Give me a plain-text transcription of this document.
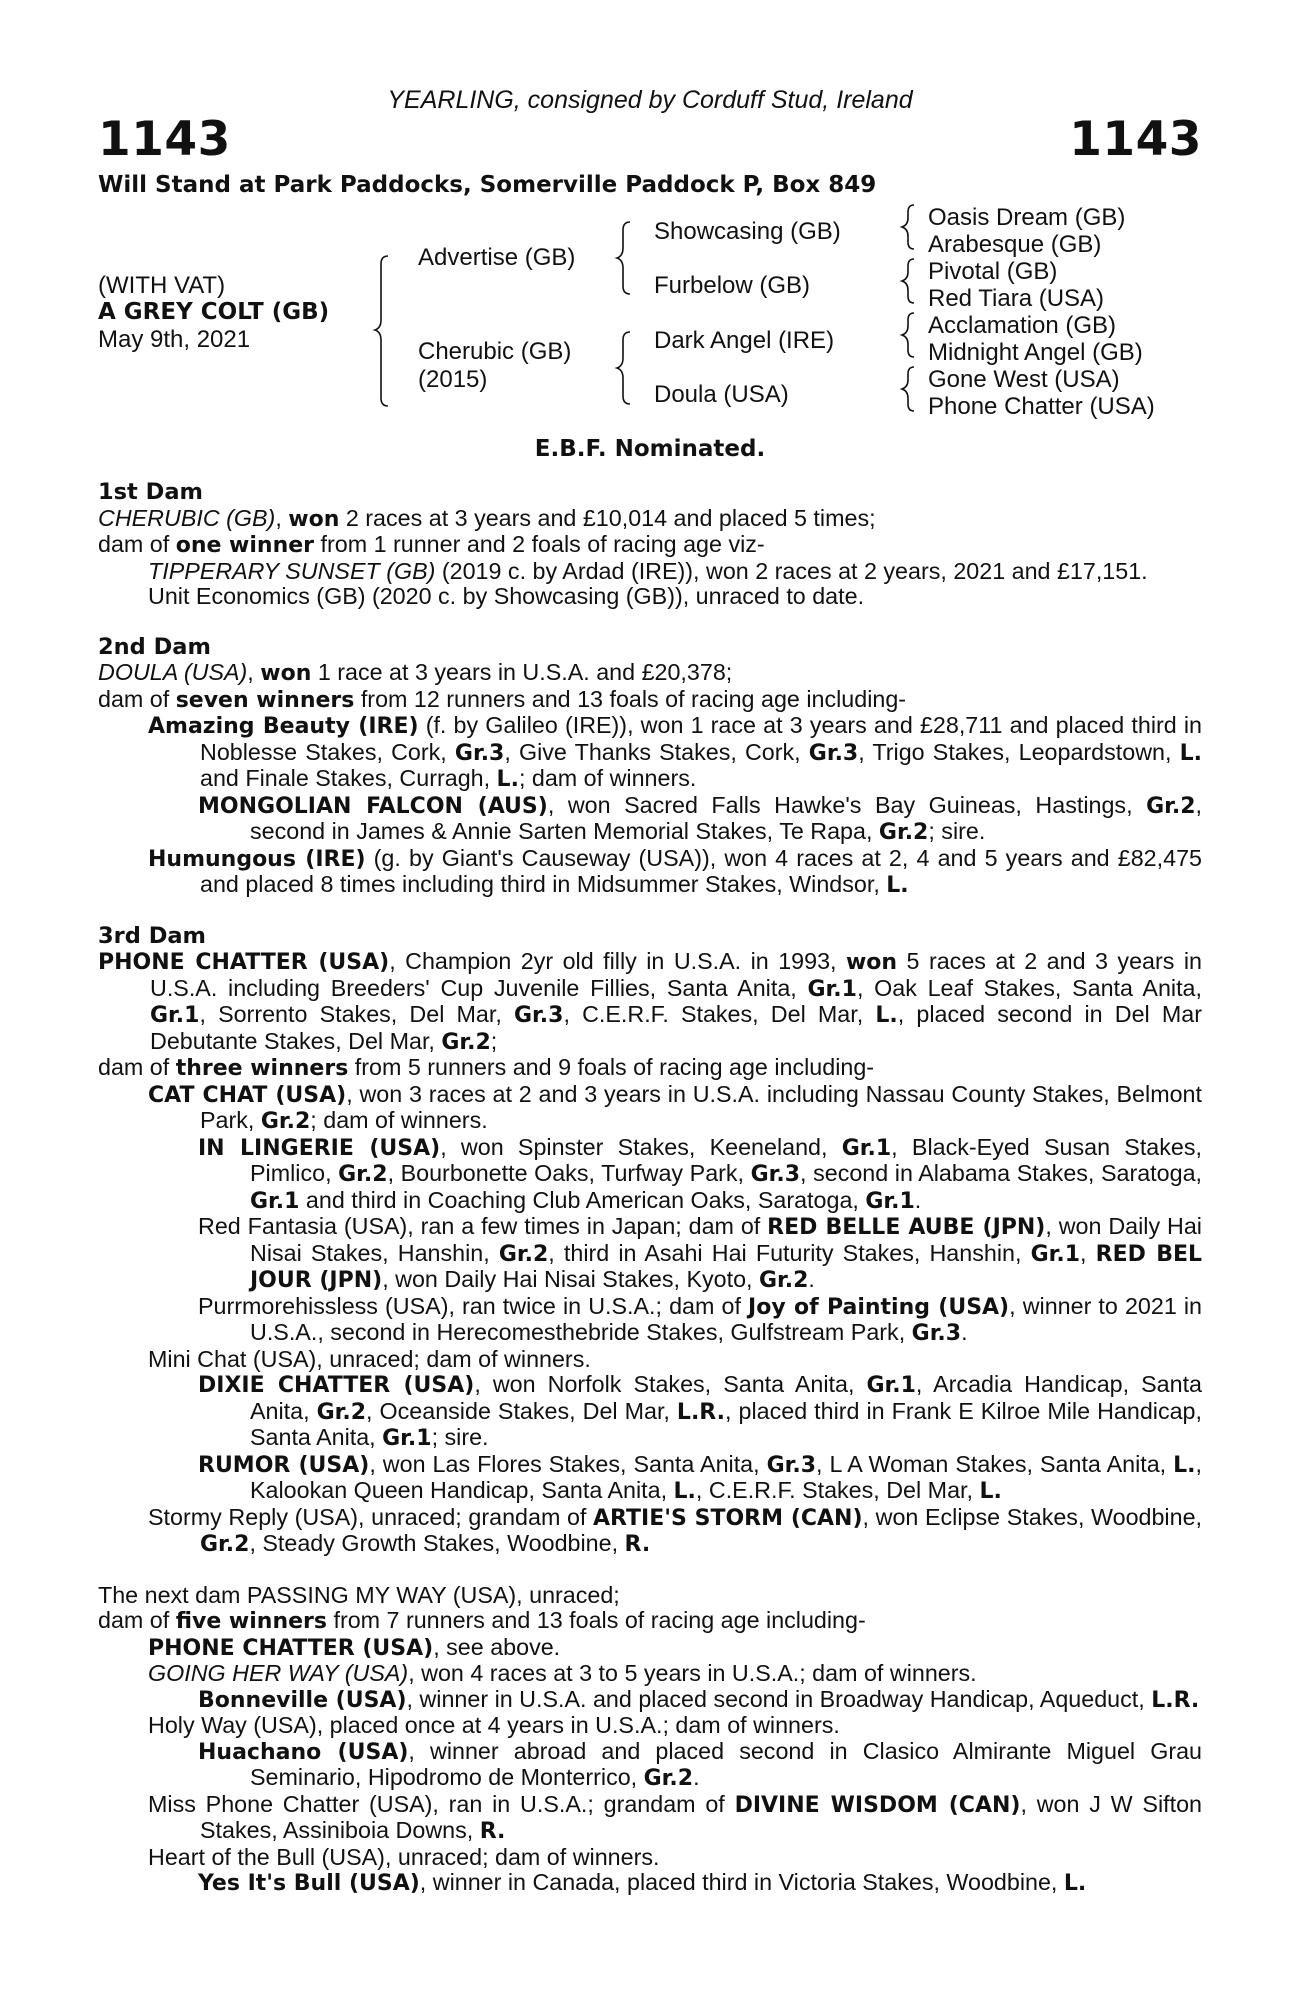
YEARLING, consigned by Corduff Stud, Ireland
1143	1143
Will Stand at Park Paddocks, Somerville Paddock P, Box 849
(WITH VAT)
A GREY COLT (GB)
May 9th, 2021
Advertise (GB)
Cherubic (GB)
(2015)
Showcasing (GB)
Furbelow (GB)
Dark Angel (IRE)
Doula (USA)
Oasis Dream (GB)
Arabesque (GB)
Pivotal (GB)
Red Tiara (USA)
Acclamation (GB)
Midnight Angel (GB)
Gone West (USA)
Phone Chatter (USA)
E.B.F. Nominated.
1st Dam
CHERUBIC (GB), won 2 races at 3 years and £10,014 and placed 5 times;
dam of one winner from 1 runner and 2 foals of racing age viz-
TIPPERARY SUNSET (GB) (2019 c. by Ardad (IRE)), won 2 races at 2 years, 2021 and £17,151.
Unit Economics (GB) (2020 c. by Showcasing (GB)), unraced to date.
2nd Dam
DOULA (USA), won 1 race at 3 years in U.S.A. and £20,378;
dam of seven winners from 12 runners and 13 foals of racing age including-
Amazing Beauty (IRE) (f. by Galileo (IRE)), won 1 race at 3 years and £28,711 and placed third in Noblesse Stakes, Cork, Gr.3, Give Thanks Stakes, Cork, Gr.3, Trigo Stakes, Leopardstown, L. and Finale Stakes, Curragh, L.; dam of winners.
MONGOLIAN FALCON (AUS), won Sacred Falls Hawke's Bay Guineas, Hastings, Gr.2, second in James & Annie Sarten Memorial Stakes, Te Rapa, Gr.2; sire.
Humungous (IRE) (g. by Giant's Causeway (USA)), won 4 races at 2, 4 and 5 years and £82,475 and placed 8 times including third in Midsummer Stakes, Windsor, L.
3rd Dam
PHONE CHATTER (USA), Champion 2yr old filly in U.S.A. in 1993, won 5 races at 2 and 3 years in U.S.A. including Breeders' Cup Juvenile Fillies, Santa Anita, Gr.1, Oak Leaf Stakes, Santa Anita, Gr.1, Sorrento Stakes, Del Mar, Gr.3, C.E.R.F. Stakes, Del Mar, L., placed second in Del Mar Debutante Stakes, Del Mar, Gr.2;
dam of three winners from 5 runners and 9 foals of racing age including-
CAT CHAT (USA), won 3 races at 2 and 3 years in U.S.A. including Nassau County Stakes, Belmont Park, Gr.2; dam of winners.
IN LINGERIE (USA), won Spinster Stakes, Keeneland, Gr.1, Black-Eyed Susan Stakes, Pimlico, Gr.2, Bourbonette Oaks, Turfway Park, Gr.3, second in Alabama Stakes, Saratoga, Gr.1 and third in Coaching Club American Oaks, Saratoga, Gr.1.
Red Fantasia (USA), ran a few times in Japan; dam of RED BELLE AUBE (JPN), won Daily Hai Nisai Stakes, Hanshin, Gr.2, third in Asahi Hai Futurity Stakes, Hanshin, Gr.1, RED BEL JOUR (JPN), won Daily Hai Nisai Stakes, Kyoto, Gr.2.
Purrmorehissless (USA), ran twice in U.S.A.; dam of Joy of Painting (USA), winner to 2021 in U.S.A., second in Herecomesthebride Stakes, Gulfstream Park, Gr.3.
Mini Chat (USA), unraced; dam of winners.
DIXIE CHATTER (USA), won Norfolk Stakes, Santa Anita, Gr.1, Arcadia Handicap, Santa Anita, Gr.2, Oceanside Stakes, Del Mar, L.R., placed third in Frank E Kilroe Mile Handicap, Santa Anita, Gr.1; sire.
RUMOR (USA), won Las Flores Stakes, Santa Anita, Gr.3, L A Woman Stakes, Santa Anita, L., Kalookan Queen Handicap, Santa Anita, L., C.E.R.F. Stakes, Del Mar, L.
Stormy Reply (USA), unraced; grandam of ARTIE'S STORM (CAN), won Eclipse Stakes, Woodbine, Gr.2, Steady Growth Stakes, Woodbine, R.
The next dam PASSING MY WAY (USA), unraced;
dam of five winners from 7 runners and 13 foals of racing age including-
PHONE CHATTER (USA), see above.
GOING HER WAY (USA), won 4 races at 3 to 5 years in U.S.A.; dam of winners.
Bonneville (USA), winner in U.S.A. and placed second in Broadway Handicap, Aqueduct, L.R.
Holy Way (USA), placed once at 4 years in U.S.A.; dam of winners.
Huachano (USA), winner abroad and placed second in Clasico Almirante Miguel Grau Seminario, Hipodromo de Monterrico, Gr.2.
Miss Phone Chatter (USA), ran in U.S.A.; grandam of DIVINE WISDOM (CAN), won J W Sifton Stakes, Assiniboia Downs, R.
Heart of the Bull (USA), unraced; dam of winners.
Yes It's Bull (USA), winner in Canada, placed third in Victoria Stakes, Woodbine, L.
